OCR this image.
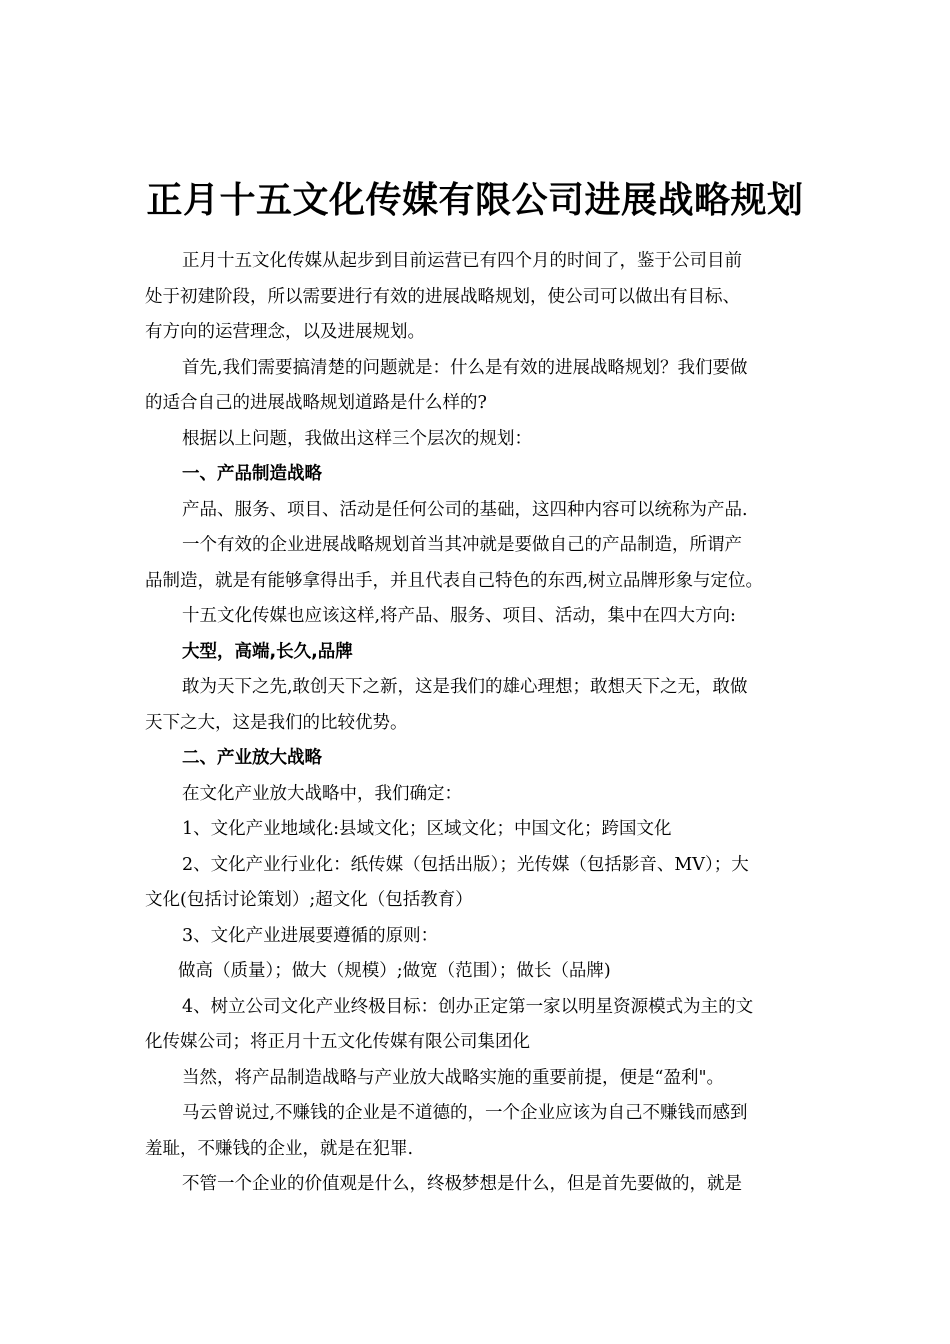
正月十五文化传媒有限公司进展战略规划
正月十五文化传媒从起步到目前运营已有四个月的时间了，鉴于公司目前
处于初建阶段，所以需要进行有效的进展战略规划，使公司可以做出有目标、
有方向的运营理念，以及进展规划。
首先,我们需要搞清楚的问题就是：什么是有效的进展战略规划？我们要做
的适合自己的进展战略规划道路是什么样的?
根据以上问题，我做出这样三个层次的规划：
一、产品制造战略
产品、服务、项目、活动是任何公司的基础，这四种内容可以统称为产品.
一个有效的企业进展战略规划首当其冲就是要做自己的产品制造，所谓产
品制造，就是有能够拿得出手，并且代表自己特色的东西,树立品牌形象与定位。
十五文化传媒也应该这样,将产品、服务、项目、活动，集中在四大方向:
大型，高端,长久,品牌
敢为天下之先,敢创天下之新，这是我们的雄心理想；敢想天下之无，敢做
天下之大，这是我们的比较优势。
二、产业放大战略
在文化产业放大战略中，我们确定：
1、文化产业地域化:县域文化；区域文化；中国文化；跨国文化
2、文化产业行业化：纸传媒（包括出版）；光传媒（包括影音、MV）；大
文化(包括讨论策划）;超文化（包括教育）
3、文化产业进展要遵循的原则：
做高（质量）；做大（规模）;做宽（范围）；做长（品牌)
4、树立公司文化产业终极目标：创办正定第一家以明星资源模式为主的文
化传媒公司；将正月十五文化传媒有限公司集团化
当然，将产品制造战略与产业放大战略实施的重要前提，便是“盈利"。
马云曾说过,不赚钱的企业是不道德的，一个企业应该为自己不赚钱而感到
羞耻，不赚钱的企业，就是在犯罪.
不管一个企业的价值观是什么，终极梦想是什么，但是首先要做的，就是
